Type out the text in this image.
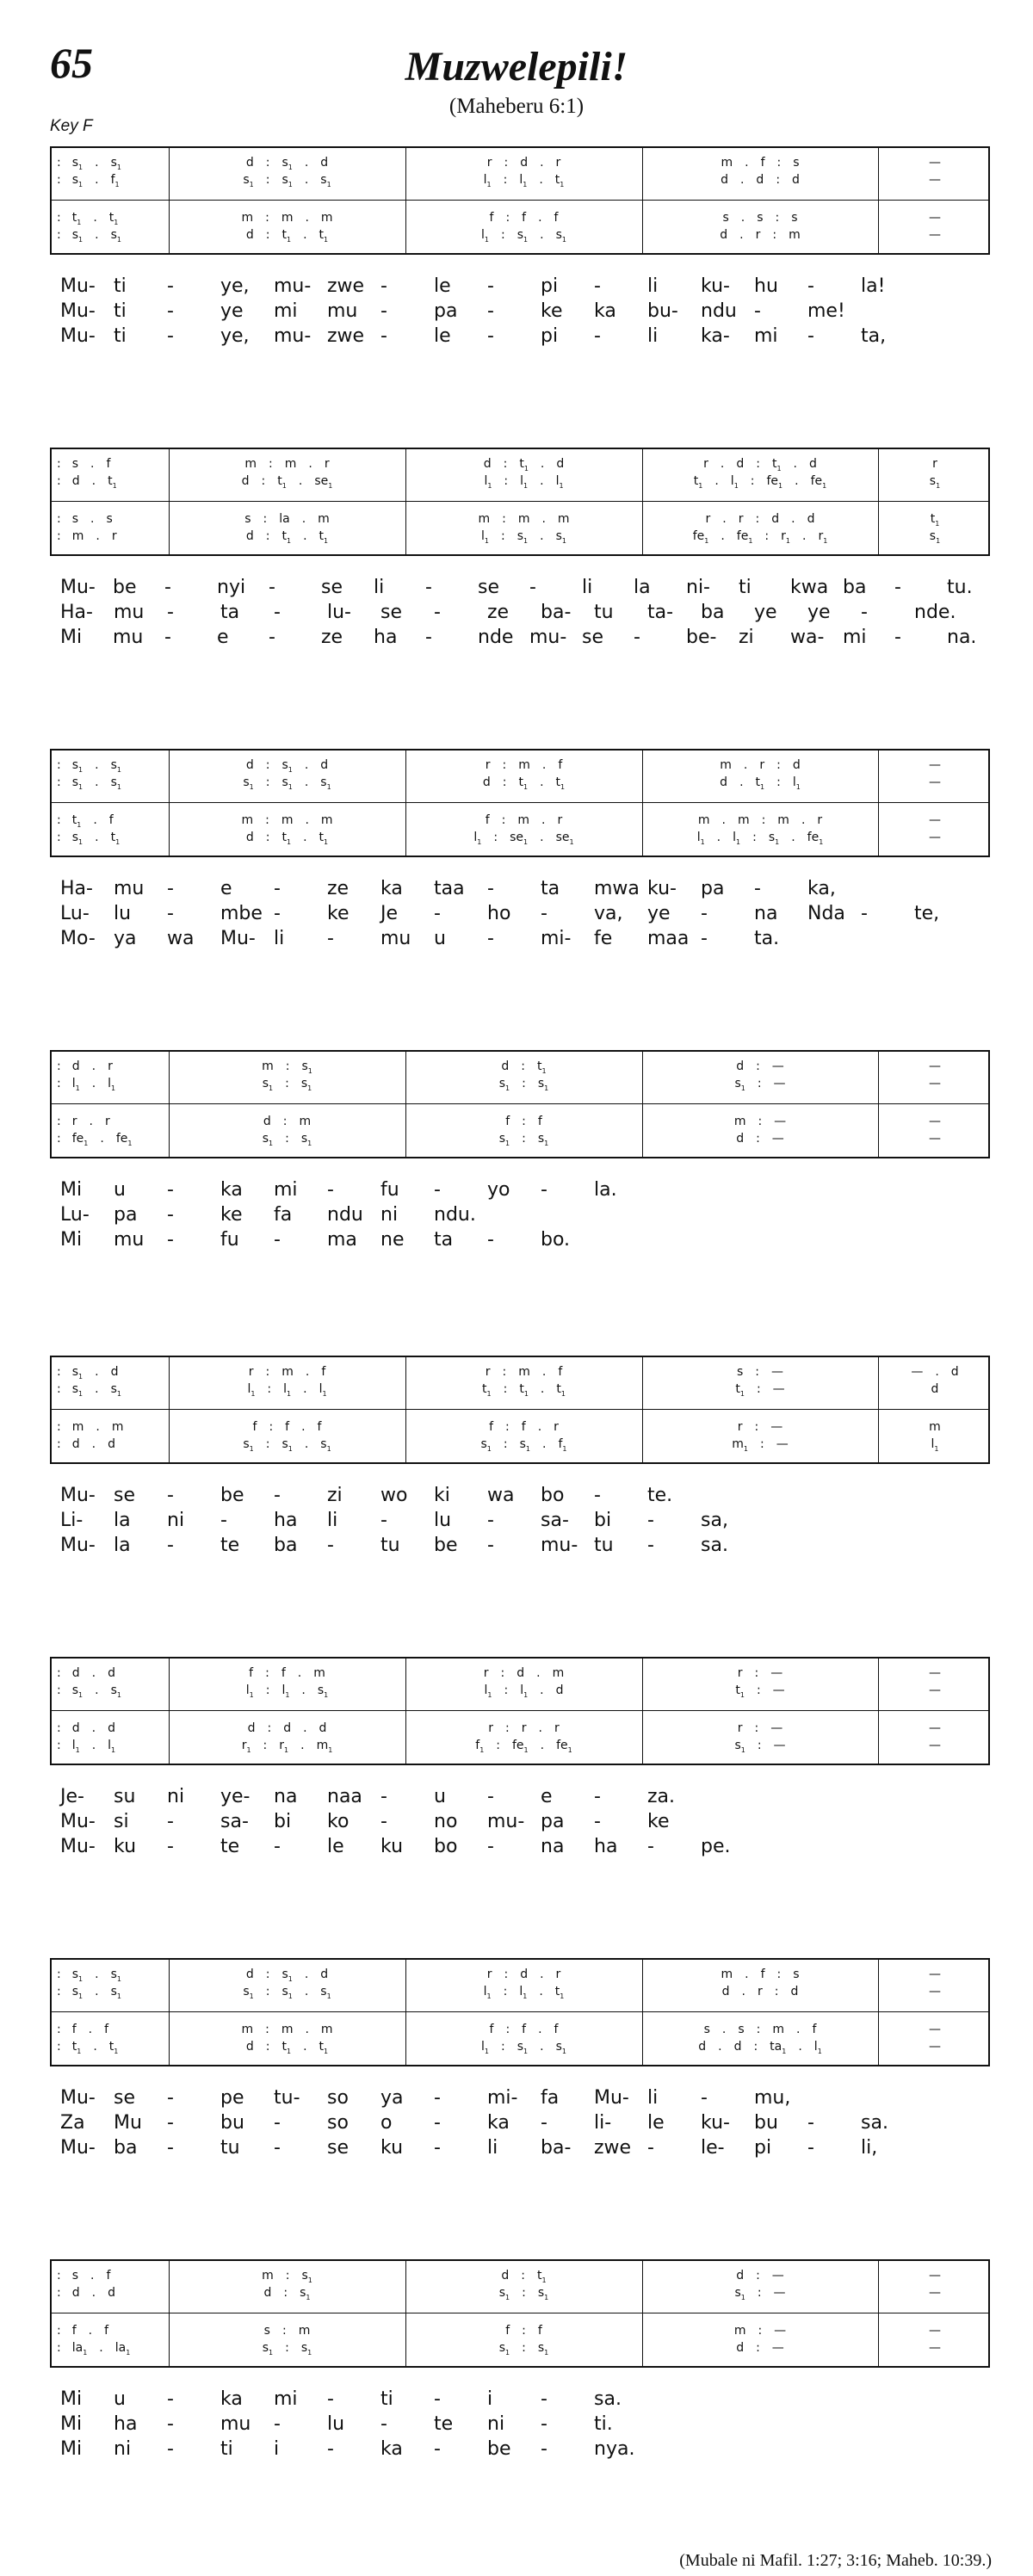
65	Muzwelepili!
(Maheberu 6:1)
Key F
: $s_1$ . $s_1$	d : $s_1$ . d	r : d . r	m . f : s	—
: $s_1$ . $f_1$	$s_1$ : $s_1$ . $s_1$	$l_1$ : $l_1$ . $t_1$	d . d : d	—
: $t_1$ . $t_1$	m : m . m	f : f . f	s . s : s	—
: $s_1$ . $s_1$	d : $t_1$ . $t_1$	$l_1$ : $s_1$ . $s_1$	d . r : m	—
Mu- ti - ye, mu- zwe - le - pi - li ku- hu - la!
Mu- ti - ye mi mu - pa - ke ka bu- ndu - me!
Mu- ti - ye, mu- zwe - le - pi - li ka- mi - ta,
: s . f	m : m . r	d : $t_1$ . d	r . d : $t_1$ . d	r
: d . $t_1$	d : $t_1$ . $se_1$	$l_1$ : $l_1$ . $l_1$	$t_1$ . $l_1$ : $fe_1$ . $fe_1$	$s_1$
: s . s	s : la . m	m : m . m	r . r : d . d	$t_1$
: m . r	d : $t_1$ . $t_1$	$l_1$ : $s_1$ . $s_1$	$fe_1$ . $fe_1$ : $r_1$ . $r_1$	$s_1$
Mu- be - nyi - se li - se - li la ni- ti kwa ba - tu.
Ha- mu - ta - lu- se - ze ba- tu ta- ba ye ye - nde.
Mi mu - e - ze ha - nde mu- se - be- zi wa- mi - na.
: $s_1$ . $s_1$	d : $s_1$ . d	r : m . f	m . r : d	—
: $s_1$ . $s_1$	$s_1$ : $s_1$ . $s_1$	d : $t_1$ . $t_1$	d . $t_1$ : $l_1$	—
: $t_1$ . f	m : m . m	f : m . r	m . m : m . r	—
: $s_1$ . $t_1$	d : $t_1$ . $t_1$	$l_1$ : $se_1$ . $se_1$	$l_1$ . $l_1$ : $s_1$ . $fe_1$	—
Ha- mu - e - ze ka taa - ta mwa ku- pa - ka,
Lu- lu - mbe - ke Je - ho - va, ye - na Nda - te,
Mo- ya wa Mu- li - mu u - mi- fe maa - ta.
: d . r	m : $s_1$	d : $t_1$	d : —	—
: $l_1$ . $l_1$	$s_1$ : $s_1$	$s_1$ : $s_1$	$s_1$ : —	—
: r . r	d : m	f : f	m : —	—
: $fe_1$ . $fe_1$	$s_1$ : $s_1$	$s_1$ : $s_1$	d : —	—
Mi u - ka mi - fu - yo - la.
Lu- pa - ke fa ndu ni ndu.
Mi mu - fu - ma ne ta - bo.
: $s_1$ . d	r : m . f	r : m . f	s : —	— . d
: $s_1$ . $s_1$	$l_1$ : $l_1$ . $l_1$	$t_1$ : $t_1$ . $t_1$	$t_1$ : —	d
: m . m	f : f . f	f : f . r	r : —	m
: d . d	$s_1$ : $s_1$ . $s_1$	$s_1$ : $s_1$ . $f_1$	$m_1$ : —	$l_1$
Mu- se - be - zi wo ki wa bo - te.
Li- la ni - ha li - lu - sa- bi - sa,
Mu- la - te ba - tu be - mu- tu - sa.
: d . d	f : f . m	r : d . m	r : —	—
: $s_1$ . $s_1$	$l_1$ : $l_1$ . $s_1$	$l_1$ : $l_1$ . d	$t_1$ : —	—
: d . d	d : d . d	r : r . r	r : —	—
: $l_1$ . $l_1$	$r_1$ : $r_1$ . $m_1$	$f_1$ : $fe_1$ . $fe_1$	$s_1$ : —	—
Je- su ni ye- na naa - u - e - za.
Mu- si - sa- bi ko - no mu- pa - ke
Mu- ku - te - le ku bo - na ha - pe.
: $s_1$ . $s_1$	d : $s_1$ . d	r : d . r	m . f : s	—
: $s_1$ . $s_1$	$s_1$ : $s_1$ . $s_1$	$l_1$ : $l_1$ . $t_1$	d . r : d	—
: f . f	m : m . m	f : f . f	s . s : m . f	—
: $t_1$ . $t_1$	d : $t_1$ . $t_1$	$l_1$ : $s_1$ . $s_1$	d . d : $ta_1$ . $l_1$	—
Mu- se - pe tu- so ya - mi- fa Mu- li - mu,
Za Mu - bu - so o - ka - li- le ku- bu - sa.
Mu- ba - tu - se ku - li ba- zwe - le- pi - li,
: s . f	m : $s_1$	d : $t_1$	d : —	—
: d . d	d : $s_1$	$s_1$ : $s_1$	$s_1$ : —	—
: f . f	s : m	f : f	m : —	—
: $la_1$ . $la_1$	$s_1$ : $s_1$	$s_1$ : $s_1$	d : —	—
Mi u - ka mi - ti - i	- sa.
Mi ha - mu - lu - te ni - ti.
Mi ni - ti i	- ka - be - nya.
(Mubale ni Mafil. 1:27; 3:16; Maheb. 10:39.)
